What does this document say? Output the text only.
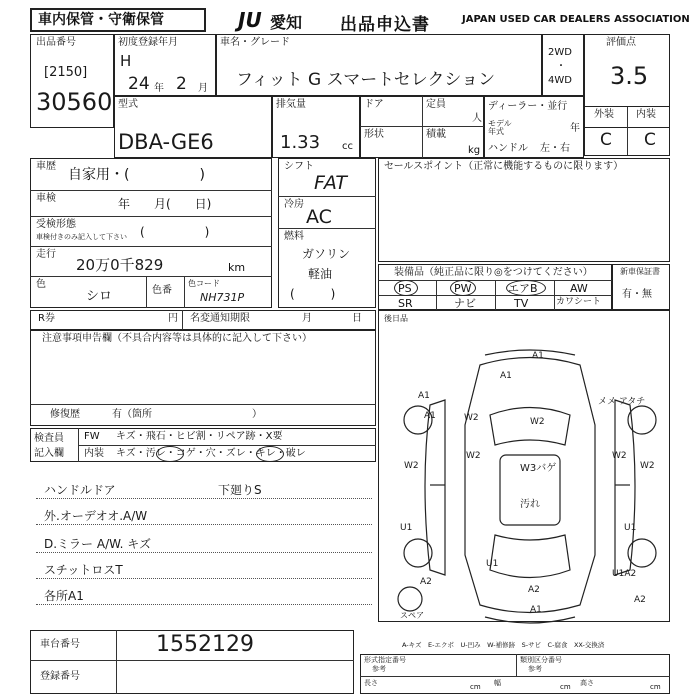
車内保管・守衛保管	JU 愛知 出品申込書	JAPAN USED CAR DEALERS ASSOCIATION
出品番号
[2150]
30560
初度登録年月
H
24 年 2 月
車名・グレード
フィット G スマートセレクション
2WD
・
4WD
評価点
3.5
外装 内装
C C
型式
DBA-GE6
排気量
1.33 cc
ドア	定員
人
形状	積載
kg
ディーラー・並行
モデル年式	年
ハンドル 左・右
車歴
自家用・(　　　　　)
車検	年　　月(　　日)
受検形態
車検付きのみ記入して下さい (　　　　　)
走行
20万0千829	km
色
シロ	色番
色コード
NH731P
シフト
FAT
冷房
AC
燃料
ガソリン
軽油
(　　　)
セールスポイント（正常に機能するものに限ります）
装備品（純正品に限り◎をつけてください）
PS	PW	エアB	AW
SR	ナビ	TV	カワシート
新車保証書
有・無
R券	円 名変通知期限	月	日	後日品
注意事項申告欄（不具合内容等は具体的に記入して下さい）
修復歴	有（箇所　　　　　　　　　　）
検査員
記入欄
FW キズ・飛石・ヒビ割・リペア跡・X要
内装 キズ・汚レ・コゲ・穴・ズレ・キレ・破レ
ハンドルドア	下廻りS
外.オーデオオ.A/W
D.ミラー A/W. キズ
スチットロスT
各所A1
A1
A1
A1
A1	W2	W2
W2	W2
W2	W2
W3バゲ
U1	U1
A2
U1
A2
U1A2
A1
A2
メメ アタチ
汚れ
スペア
A-キズ　E-エクボ　U-凹み　W-補修跡　S-サビ　C-腐食　XX-交換済
車台番号	1552129
登録番号
形式指定番号
参考
類別区分番号
参考
長さ	cm 幅	cm 高さ	cm
